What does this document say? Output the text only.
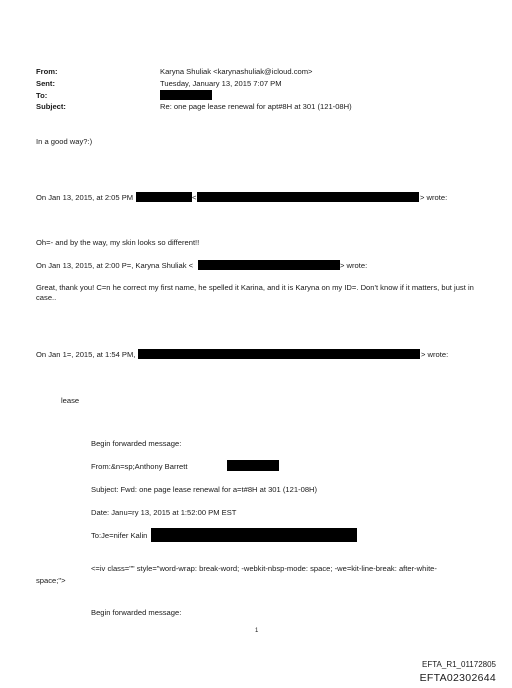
From:	Karyna Shuliak <karynashuliak@icloud.com>
Sent:	Tuesday, January 13, 2015 7:07 PM
To:
Subject:	Re: one page lease renewal for apt#8H at 301 (121-08H)
In a good way?:)
On Jan 13, 2015, at 2:05 PM	<	> wrote:
Oh=- and by the way, my skin looks so different!!
On Jan 13, 2015, at 2:00 P=, Karyna Shuliak <	> wrote:
Great, thank you! C=n he correct my first name, he spelled it Karina, and it is Karyna on my ID=. Don't know if it matters, but just in case..
On Jan 1=, 2015, at 1:54 PM,	> wrote:
lease
Begin forwarded message:
From:&n=sp;Anthony Barrett
Subject: Fwd: one page lease renewal for a=t#8H at 301 (121-08H)
Date: Janu=ry 13, 2015 at 1:52:00 PM EST
To:Je=nifer Kalin
<=iv class="" style="word-wrap: break-word; -webkit-nbsp-mode: space; -we=kit-line-break: after-white-
space;">
Begin forwarded message:
1
EFTA_R1_01172805
EFTA02302644
